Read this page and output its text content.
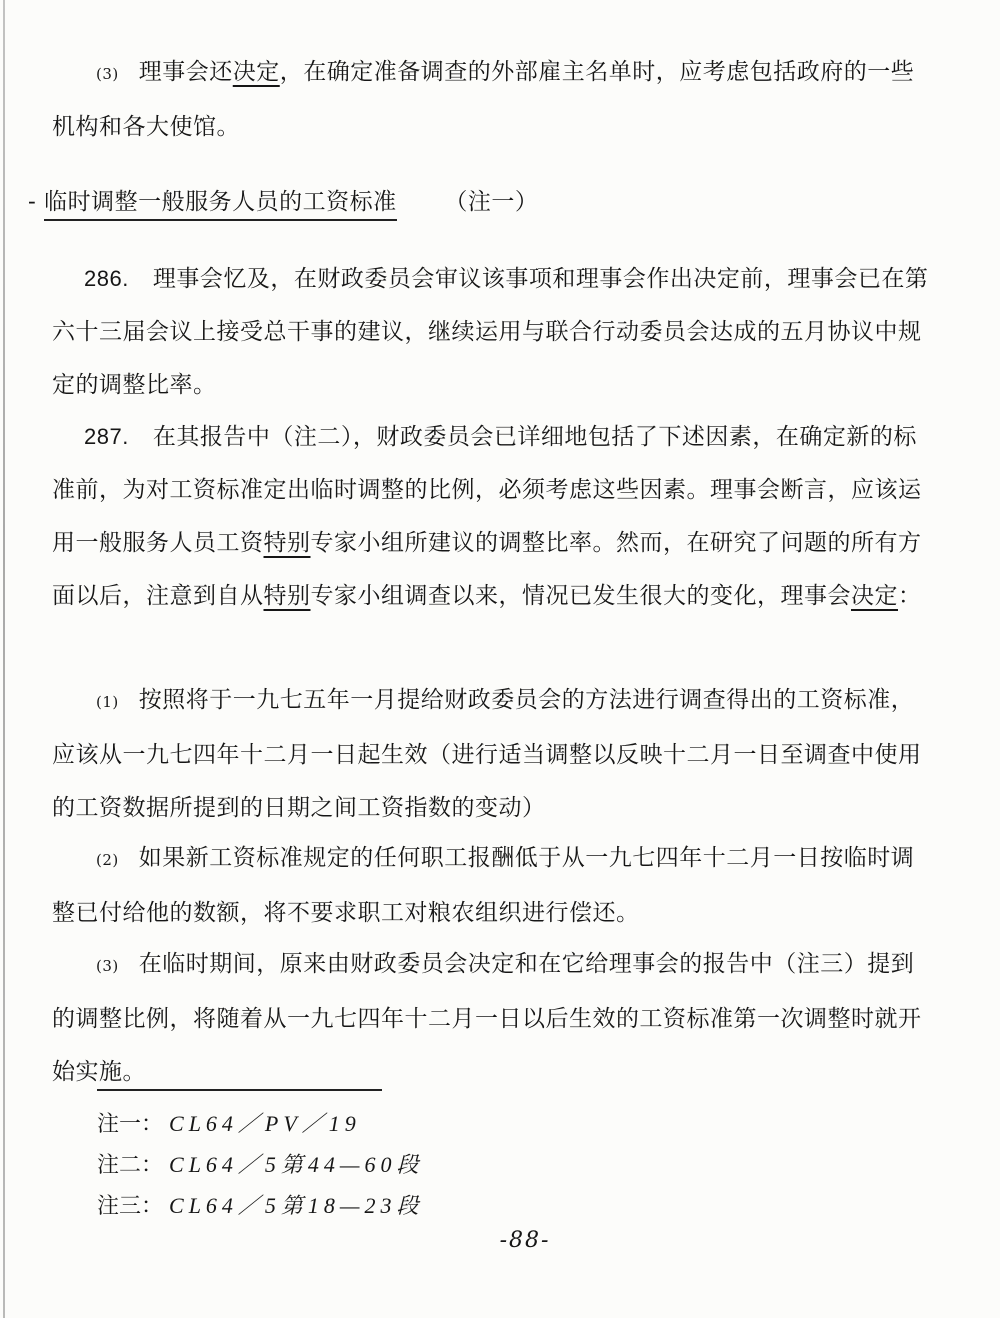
(3) 理事会还决定，在确定准备调查的外部雇主名单时，应考虑包括政府的一些机构和各大使馆。
- 临时调整一般服务人员的工资标准 （注一）
286. 理事会忆及，在财政委员会审议该事项和理事会作出决定前，理事会已在第六十三届会议上接受总干事的建议，继续运用与联合行动委员会达成的五月协议中规定的调整比率。
287. 在其报告中（注二），财政委员会已详细地包括了下述因素，在确定新的标准前，为对工资标准定出临时调整的比例，必须考虑这些因素。理事会断言，应该运用一般服务人员工资特别专家小组所建议的调整比率。然而，在研究了问题的所有方面以后，注意到自从特别专家小组调查以来，情况已发生很大的变化，理事会决定：
(1) 按照将于一九七五年一月提给财政委员会的方法进行调查得出的工资标准，应该从一九七四年十二月一日起生效（进行适当调整以反映十二月一日至调查中使用的工资数据所提到的日期之间工资指数的变动）
(2) 如果新工资标准规定的任何职工报酬低于从一九七四年十二月一日按临时调整已付给他的数额，将不要求职工对粮农组织进行偿还。
(3) 在临时期间，原来由财政委员会决定和在它给理事会的报告中（注三）提到的调整比例，将随着从一九七四年十二月一日以后生效的工资标准第一次调整时就开始实施。
注一： CL64／PV／19
注二： CL64／5第44—60段
注三： CL64／5第18—23段
-88-
